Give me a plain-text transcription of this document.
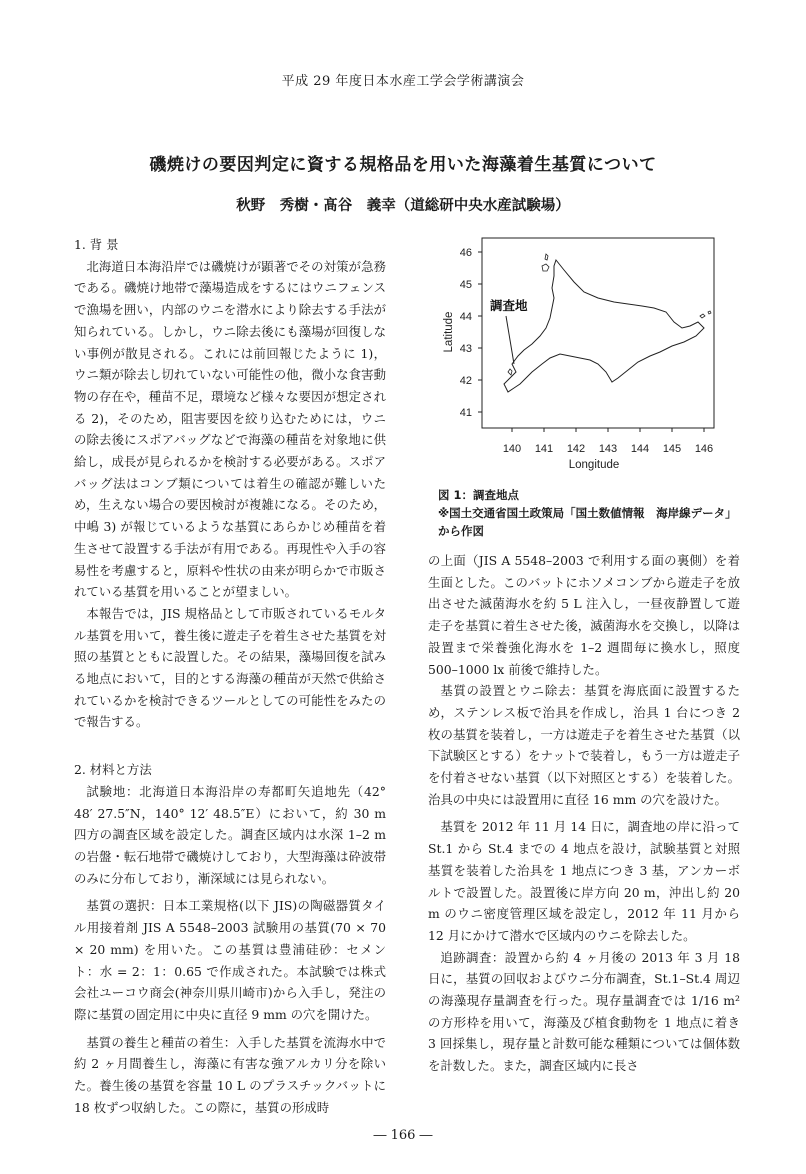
平成 29 年度日本水産工学会学術講演会
磯焼けの要因判定に資する規格品を用いた海藻着生基質について
秋野　秀樹・髙谷　義幸（道総研中央水産試験場）

1. 背 景

北海道日本海沿岸では磯焼けが顕著でその対策が急務である。磯焼け地帯で藻場造成をするにはウニフェンスで漁場を囲い，内部のウニを潜水により除去する手法が知られている。しかし，ウニ除去後にも藻場が回復しない事例が散見される。これには前回報じたように 1)，ウニ類が除去し切れていない可能性の他，微小な食害動物の存在や，種苗不足，環境など様々な要因が想定される 2)，そのため，阻害要因を絞り込むためには，ウニの除去後にスポアバッグなどで海藻の種苗を対象地に供給し，成長が見られるかを検討する必要がある。スポアバッグ法はコンブ類については着生の確認が難しいため，生えない場合の要因検討が複雑になる。そのため，中嶋 3) が報じているような基質にあらかじめ種苗を着生させて設置する手法が有用である。再現性や入手の容易性を考慮すると，原料や性状の由来が明らかで市販されている基質を用いることが望ましい。

本報告では，JIS 規格品として市販されているモルタル基質を用いて，養生後に遊走子を着生させた基質を対照の基質とともに設置した。その結果，藻場回復を試みる地点において，目的とする海藻の種苗が天然で供給されているかを検討できるツールとしての可能性をみたので報告する。

2. 材料と方法

試験地：北海道日本海沿岸の寿都町矢追地先（42° 48′ 27.5″N，140° 12′ 48.5″E）において，約 30 m 四方の調査区域を設定した。調査区域内は水深 1–2 m の岩盤・転石地帯で磯焼けしており，大型海藻は砕波帯のみに分布しており，漸深域には見られない。

基質の選択：日本工業規格(以下 JIS)の陶磁器質タイル用接着剤 JIS A 5548–2003 試験用の基質(70 × 70 × 20 mm) を用いた。この基質は豊浦硅砂：セメント：水 = 2：1：0.65 で作成された。本試験では株式会社ユーコウ商会(神奈川県川崎市)から入手し，発注の際に基質の固定用に中央に直径 9 mm の穴を開けた。

基質の養生と種苗の着生：入手した基質を流海水中で約 2 ヶ月間養生し，海藻に有害な強アルカリ分を除いた。養生後の基質を容量 10 L のプラスチックバットに 18 枚ずつ収納した。この際に，基質の形成時

46
45
44
43
42
41
Latitude
140 141 142 143 144 145 146
Longitude
調査地
図 1：調査地点
※国土交通省国土政策局「国土数値情報　海岸線データ」から作図

の上面（JIS A 5548–2003 で利用する面の裏側）を着生面とした。このバットにホソメコンブから遊走子を放出させた滅菌海水を約 5 L 注入し，一昼夜静置して遊走子を基質に着生させた後，滅菌海水を交換し，以降は設置まで栄養強化海水を 1–2 週間毎に換水し，照度 500–1000 lx 前後で維持した。

基質の設置とウニ除去：基質を海底面に設置するため，ステンレス板で治具を作成し，治具 1 台につき 2 枚の基質を装着し，一方は遊走子を着生させた基質（以下試験区とする）をナットで装着し，もう一方は遊走子を付着させない基質（以下対照区とする）を装着した。治具の中央には設置用に直径 16 mm の穴を設けた。

基質を 2012 年 11 月 14 日に，調査地の岸に沿って St.1 から St.4 までの 4 地点を設け，試験基質と対照基質を装着した治具を 1 地点につき 3 基，アンカーボルトで設置した。設置後に岸方向 20 m，沖出し約 20 m のウニ密度管理区域を設定し，2012 年 11 月から 12 月にかけて潜水で区域内のウニを除去した。

追跡調査：設置から約 4 ヶ月後の 2013 年 3 月 18 日に，基質の回収およびウニ分布調査，St.1–St.4 周辺の海藻現存量調査を行った。現存量調査では 1/16 m² の方形枠を用いて，海藻及び植食動物を 1 地点に着き 3 回採集し，現存量と計数可能な種類については個体数を計数した。また，調査区域内に長さ

― 166 ―
